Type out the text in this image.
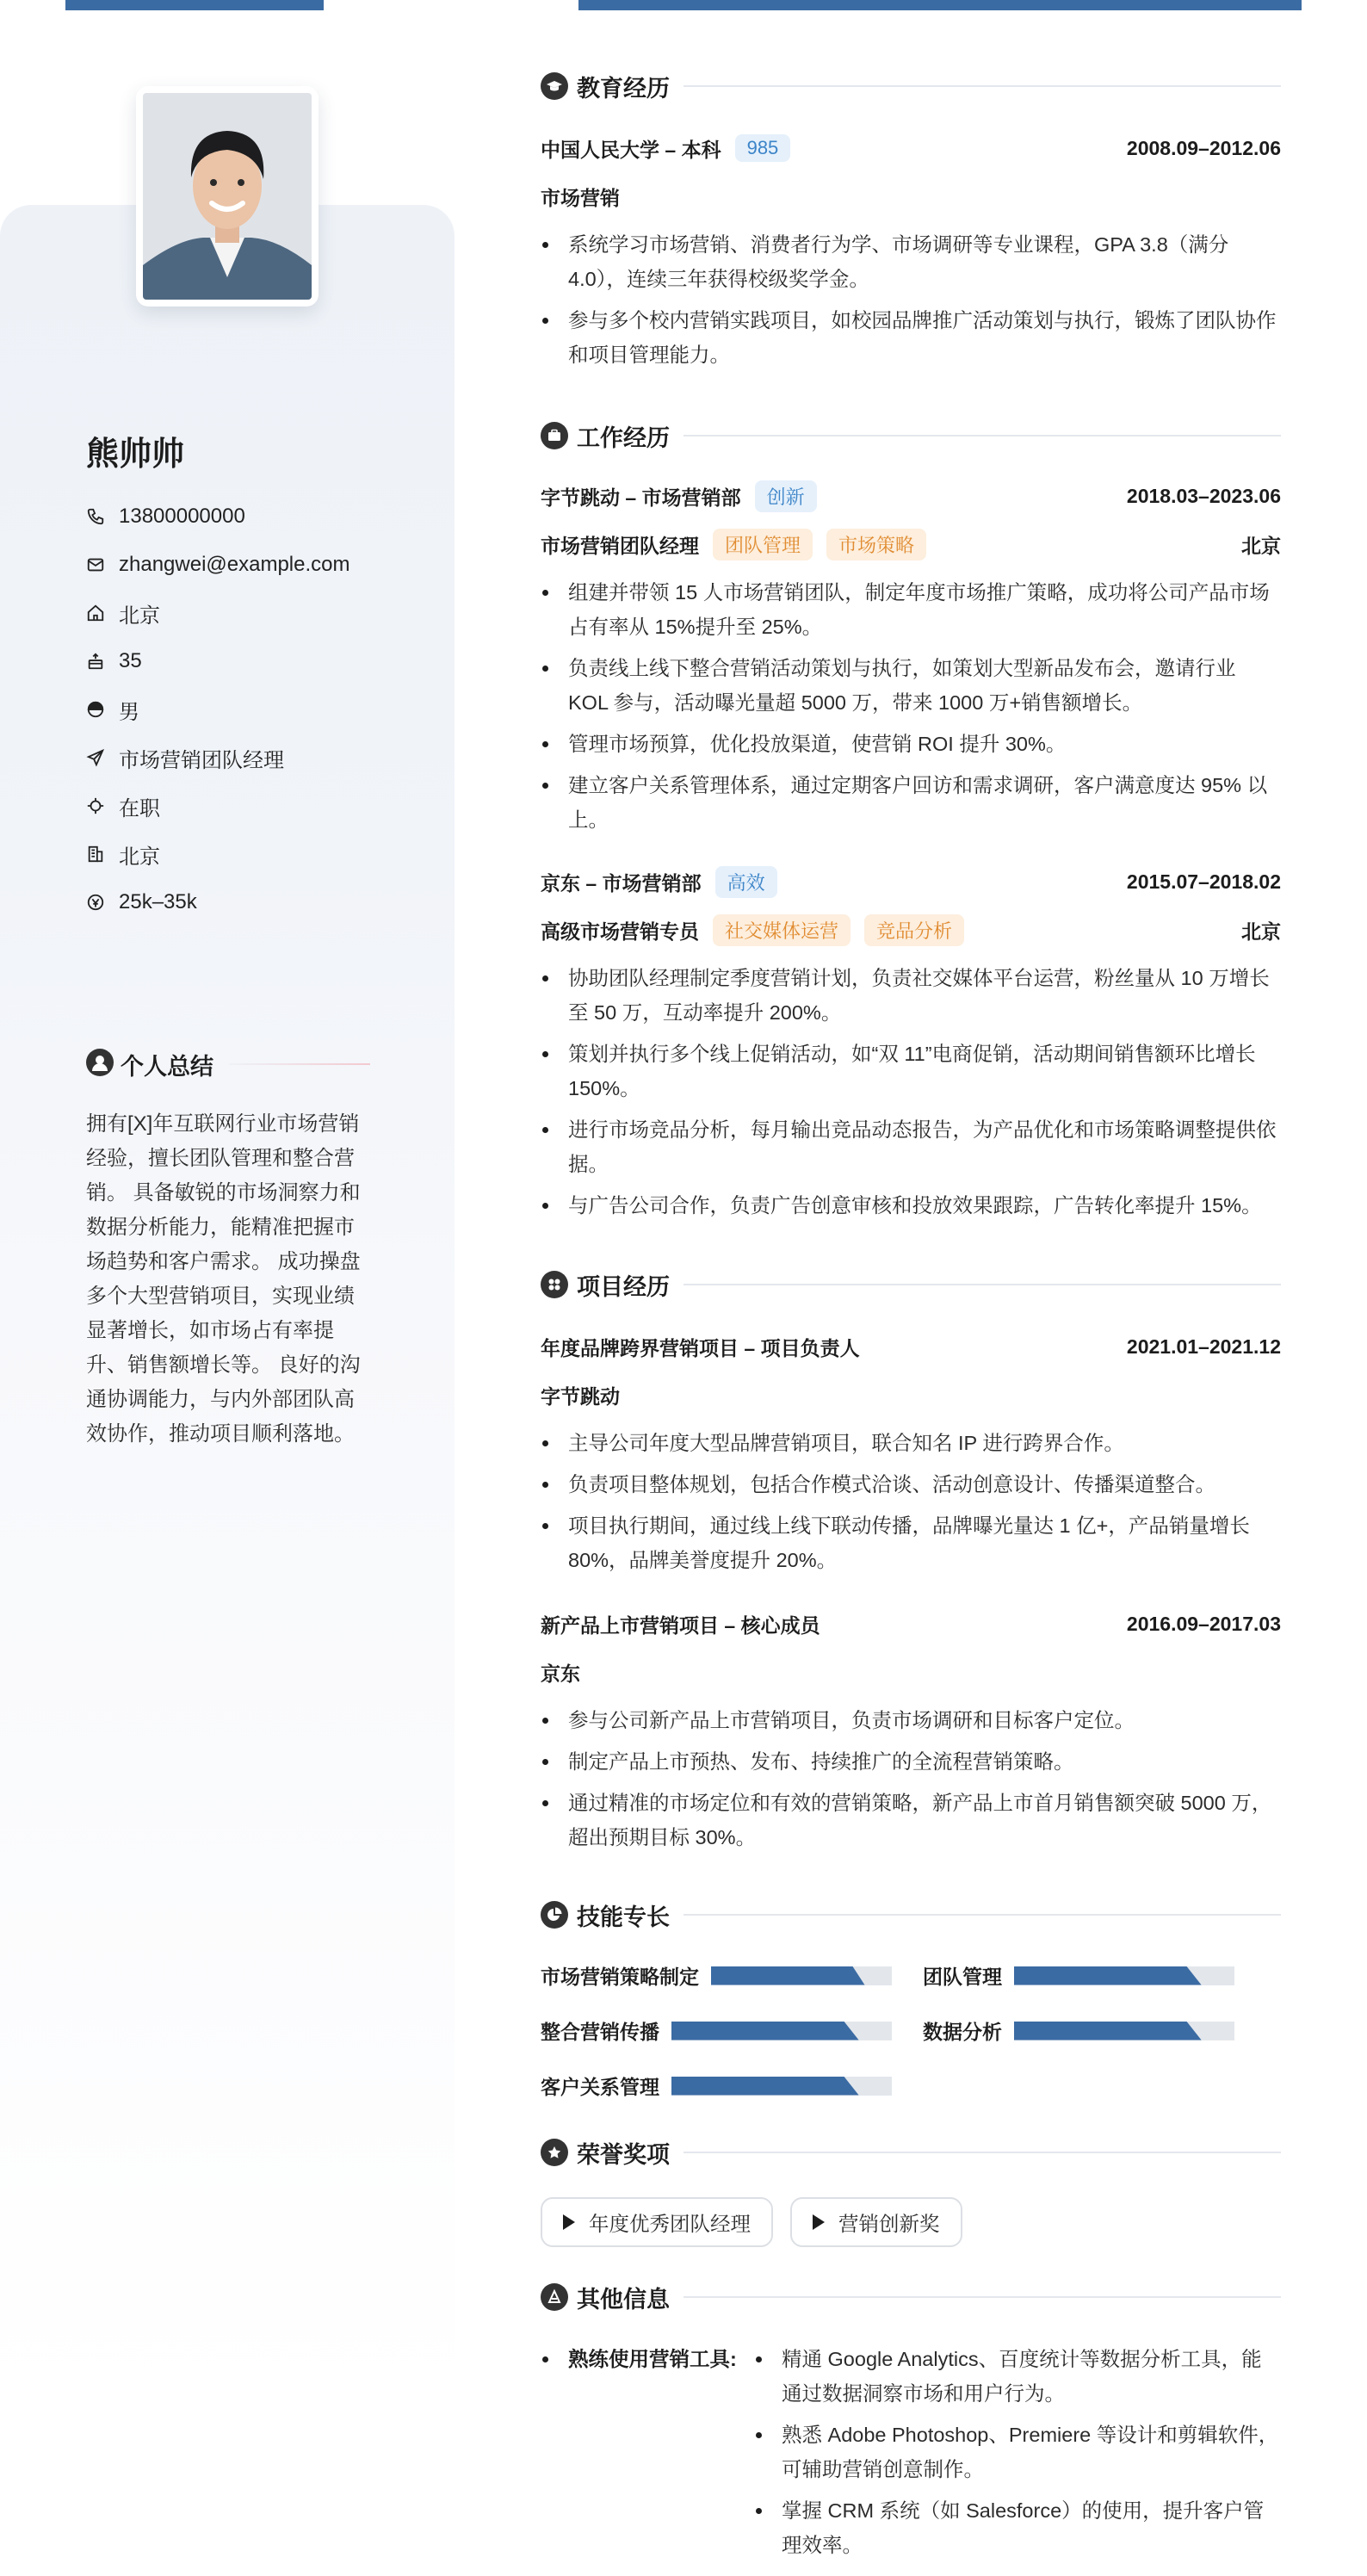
熊帅帅
13800000000
zhangwei@example.com
北京
35
男
市场营销团队经理
在职
北京
25k–35k
个人总结
拥有[X]年互联网行业市场营销经验，擅长团队管理和整合营销。 具备敏锐的市场洞察力和数据分析能力，能精准把握市场趋势和客户需求。 成功操盘多个大型营销项目，实现业绩显著增长，如市场占有率提升、销售额增长等。 良好的沟通协调能力，与内外部团队高效协作，推动项目顺利落地。
教育经历
中国人民大学 – 本科	985	2008.09–2012.06
市场营销
系统学习市场营销、消费者行为学、市场调研等专业课程，GPA 3.8（满分 4.0），连续三年获得校级奖学金。
参与多个校内营销实践项目，如校园品牌推广活动策划与执行，锻炼了团队协作和项目管理能力。
工作经历
字节跳动 – 市场营销部	创新	2018.03–2023.06
市场营销团队经理	团队管理	市场策略	北京
组建并带领 15 人市场营销团队，制定年度市场推广策略，成功将公司产品市场占有率从 15%提升至 25%。
负责线上线下整合营销活动策划与执行，如策划大型新品发布会，邀请行业 KOL 参与，活动曝光量超 5000 万，带来 1000 万+销售额增长。
管理市场预算，优化投放渠道，使营销 ROI 提升 30%。
建立客户关系管理体系，通过定期客户回访和需求调研，客户满意度达 95% 以上。
京东 – 市场营销部	高效	2015.07–2018.02
高级市场营销专员	社交媒体运营	竞品分析	北京
协助团队经理制定季度营销计划，负责社交媒体平台运营，粉丝量从 10 万增长至 50 万，互动率提升 200%。
策划并执行多个线上促销活动，如“双 11”电商促销，活动期间销售额环比增长 150%。
进行市场竞品分析，每月输出竞品动态报告，为产品优化和市场策略调整提供依据。
与广告公司合作，负责广告创意审核和投放效果跟踪，广告转化率提升 15%。
项目经历
年度品牌跨界营销项目 – 项目负责人	2021.01–2021.12
字节跳动
主导公司年度大型品牌营销项目，联合知名 IP 进行跨界合作。
负责项目整体规划，包括合作模式洽谈、活动创意设计、传播渠道整合。
项目执行期间，通过线上线下联动传播，品牌曝光量达 1 亿+，产品销量增长 80%，品牌美誉度提升 20%。
新产品上市营销项目 – 核心成员	2016.09–2017.03
京东
参与公司新产品上市营销项目，负责市场调研和目标客户定位。
制定产品上市预热、发布、持续推广的全流程营销策略。
通过精准的市场定位和有效的营销策略，新产品上市首月销售额突破 5000 万，超出预期目标 30%。
技能专长
市场营销策略制定	团队管理
整合营销传播	数据分析
客户关系管理
荣誉奖项
年度优秀团队经理	营销创新奖
其他信息
熟练使用营销工具:	精通 Google Analytics、百度统计等数据分析工具，能通过数据洞察市场和用户行为。
熟悉 Adobe Photoshop、Premiere 等设计和剪辑软件，可辅助营销创意制作。
掌握 CRM 系统（如 Salesforce）的使用，提升客户管理效率。
